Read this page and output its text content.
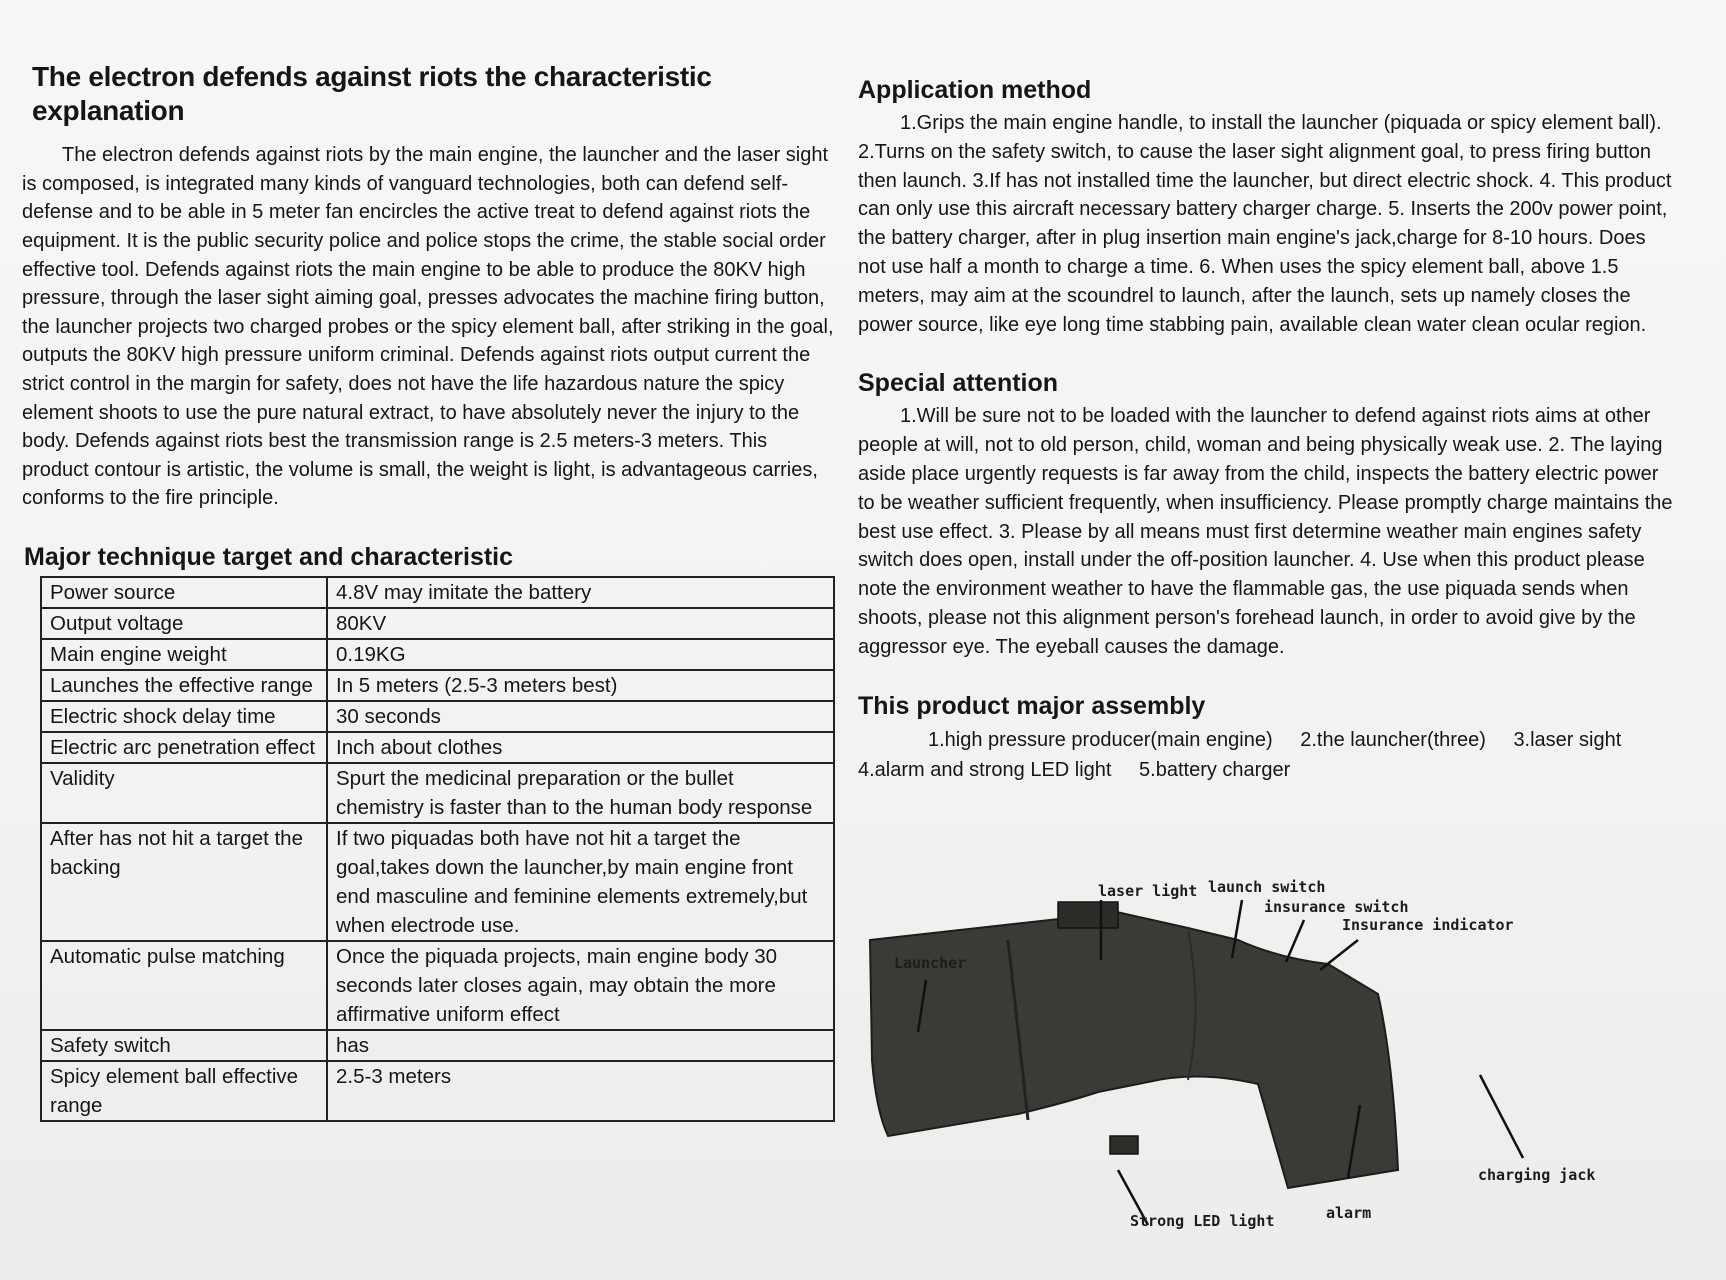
The electron defends against riots the characteristic explanation

The electron defends against riots by the main engine, the launcher and the laser sight is composed, is integrated many kinds of vanguard technologies, both can defend self-defense and to be able in 5 meter fan encircles the active treat to defend against riots the equipment. It is the public security police and police stops the crime, the stable social order effective tool. Defends against riots the main engine to be able to produce the 80KV high pressure, through the laser sight aiming goal, presses advocates the machine firing button, the launcher projects two charged probes or the spicy element ball, after striking in the goal, outputs the 80KV high pressure uniform criminal. Defends against riots output current the strict control in the margin for safety, does not have the life hazardous nature the spicy element shoots to use the pure natural extract, to have absolutely never the injury to the body. Defends against riots best the transmission range is 2.5 meters-3 meters. This product contour is artistic, the volume is small, the weight is light, is advantageous carries, conforms to the fire principle.

Major technique target and characteristic
Power source	4.8V may imitate the battery
Output voltage	80KV
Main engine weight	0.19KG
Launches the effective range	In 5 meters (2.5-3 meters best)
Electric shock delay time	30 seconds
Electric arc penetration effect	Inch about clothes
Validity	Spurt the medicinal preparation or the bullet chemistry is faster than to the human body response
After has not hit a target the backing	If two piquadas both have not hit a target the goal,takes down the launcher,by main engine front end masculine and feminine elements extremely,but when electrode use.
Automatic pulse matching	Once the piquada projects, main engine body 30 seconds later closes again, may obtain the more affirmative uniform effect
Safety switch	has
Spicy element ball effective range	2.5-3 meters
Application method

1.Grips the main engine handle, to install the launcher (piquada or spicy element ball). 2.Turns on the safety switch, to cause the laser sight alignment goal, to press firing button then launch. 3.If has not installed time the launcher, but direct electric shock. 4. This product can only use this aircraft necessary battery charger charge. 5. Inserts the 200v power point, the battery charger, after in plug insertion main engine's jack,charge for 8-10 hours. Does not use half a month to charge a time. 6. When uses the spicy element ball, above 1.5 meters, may aim at the scoundrel to launch, after the launch, sets up namely closes the power source, like eye long time stabbing pain, available clean water clean ocular region.

Special attention

1.Will be sure not to be loaded with the launcher to defend against riots aims at other people at will, not to old person, child, woman and being physically weak use. 2. The laying aside place urgently requests is far away from the child, inspects the battery electric power to be weather sufficient frequently, when insufficiency. Please promptly charge maintains the best use effect. 3. Please by all means must first determine weather main engines safety switch does open, install under the off-position launcher. 4. Use when this product please note the environment weather to have the flammable gas, the use piquada sends when shoots, please not this alignment person's forehead launch, in order to avoid give by the aggressor eye. The eyeball causes the damage.

This product major assembly

1.high pressure producer(main engine) 2.the launcher(three) 3.laser sight

4.alarm and strong LED light 5.battery charger

laser light launch switch
insurance switch
Insurance indicator
Launcher
charging jack
Strong LED light	alarm
